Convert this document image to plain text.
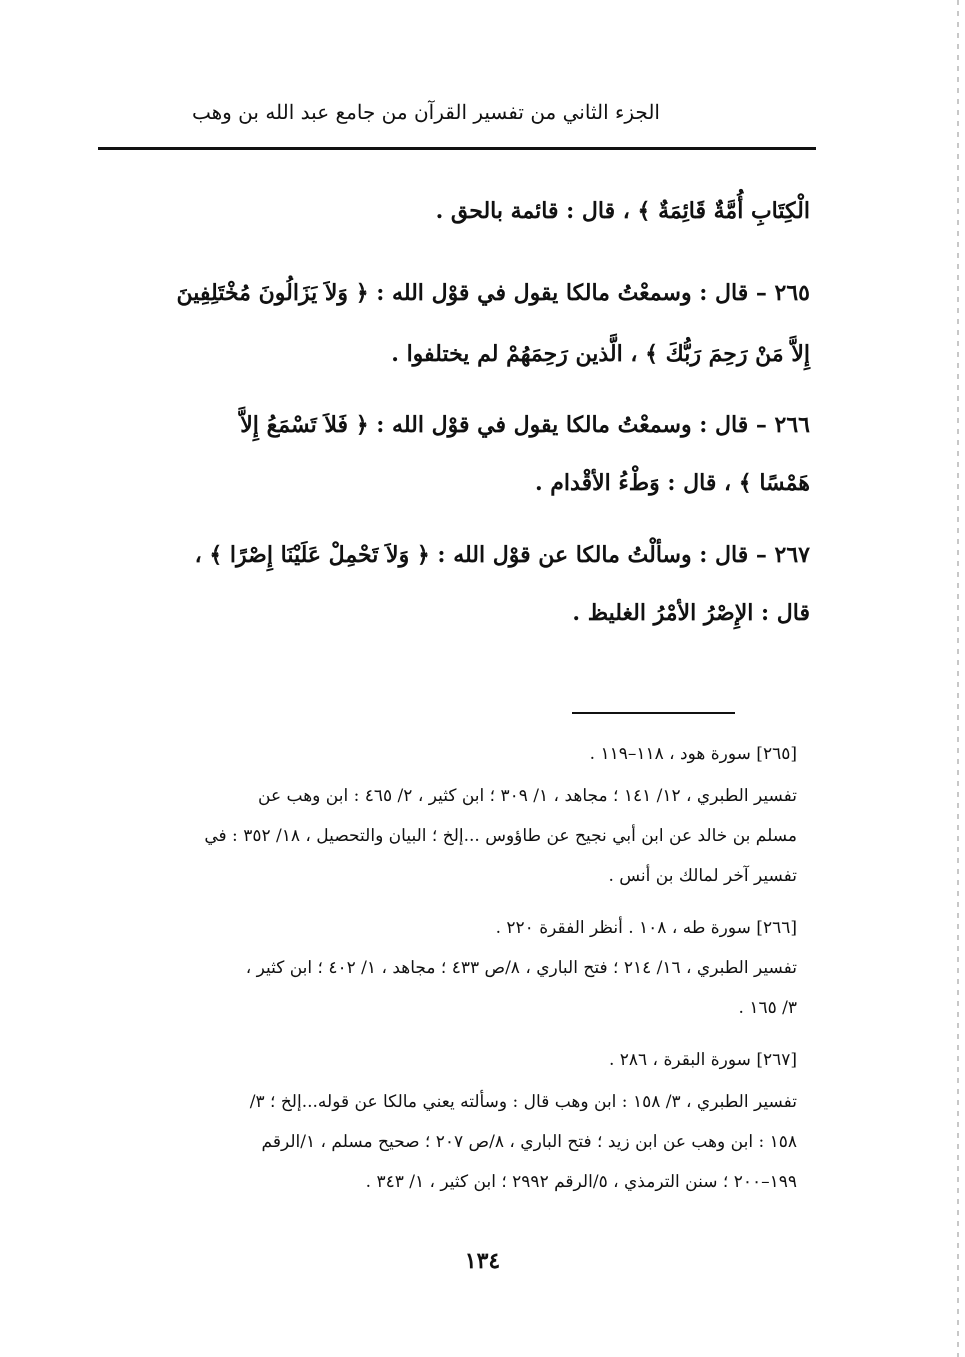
الجزء الثاني من تفسير القرآن من جامع عبد الله بن وهب
الْكِتَابِ أُمَّةٌ قَائِمَةٌ ﴾ ، قال : قائمة بالحق .
٢٦٥ – قال : وسمعْتُ مالكا يقول في قوْل الله : ﴿ وَلاَ يَزَالُونَ مُخْتَلِفِينَ
إِلاَّ مَنْ رَحِمَ رَبُّكَ ﴾ ، الَّذين رَحِمَهُمْ لم يختلفوا .
٢٦٦ – قال : وسمعْتُ مالكا يقول في قوْل الله : ﴿ فَلاَ تَسْمَعُ إِلاَّ
هَمْسًا ﴾ ، قال : وَطْءُ الأقْدام .
٢٦٧ – قال : وسألْتُ مالكا عن قوْل الله : ﴿ وَلاَ تَحْمِلْ عَلَيْنَا إِصْرًا ﴾ ،
قال : الإِصْرُ الأمْرُ الغليظ .
[٢٦٥] سورة هود ، ١١٨–١١٩ .
تفسير الطبري ، ١٢/ ١٤١ ؛ مجاهد ، ١/ ٣٠٩ ؛ ابن كثير ، ٢/ ٤٦٥ : ابن وهب عن
مسلم بن خالد عن ابن أبي نجيح عن طاؤوس ...إلخ ؛ البيان والتحصيل ، ١٨/ ٣٥٢ : في
تفسير آخر لمالك بن أنس .
[٢٦٦] سورة طه ، ١٠٨ . أنظر الفقرة ٢٢٠ .
تفسير الطبري ، ١٦/ ٢١٤ ؛ فتح الباري ، ٨/ص ٤٣٣ ؛ مجاهد ، ١/ ٤٠٢ ؛ ابن كثير ،
٣/ ١٦٥ .
[٢٦٧] سورة البقرة ، ٢٨٦ .
تفسير الطبري ، ٣/ ١٥٨ : ابن وهب قال : وسألته يعني مالكا عن قوله...إلخ ؛ ٣/
١٥٨ : ابن وهب عن ابن زيد ؛ فتح الباري ، ٨/ص ٢٠٧ ؛ صحيح مسلم ، ١/الرقم
١٩٩–٢٠٠ ؛ سنن الترمذي ، ٥/الرقم ٢٩٩٢ ؛ ابن كثير ، ١/ ٣٤٣ .
١٣٤
